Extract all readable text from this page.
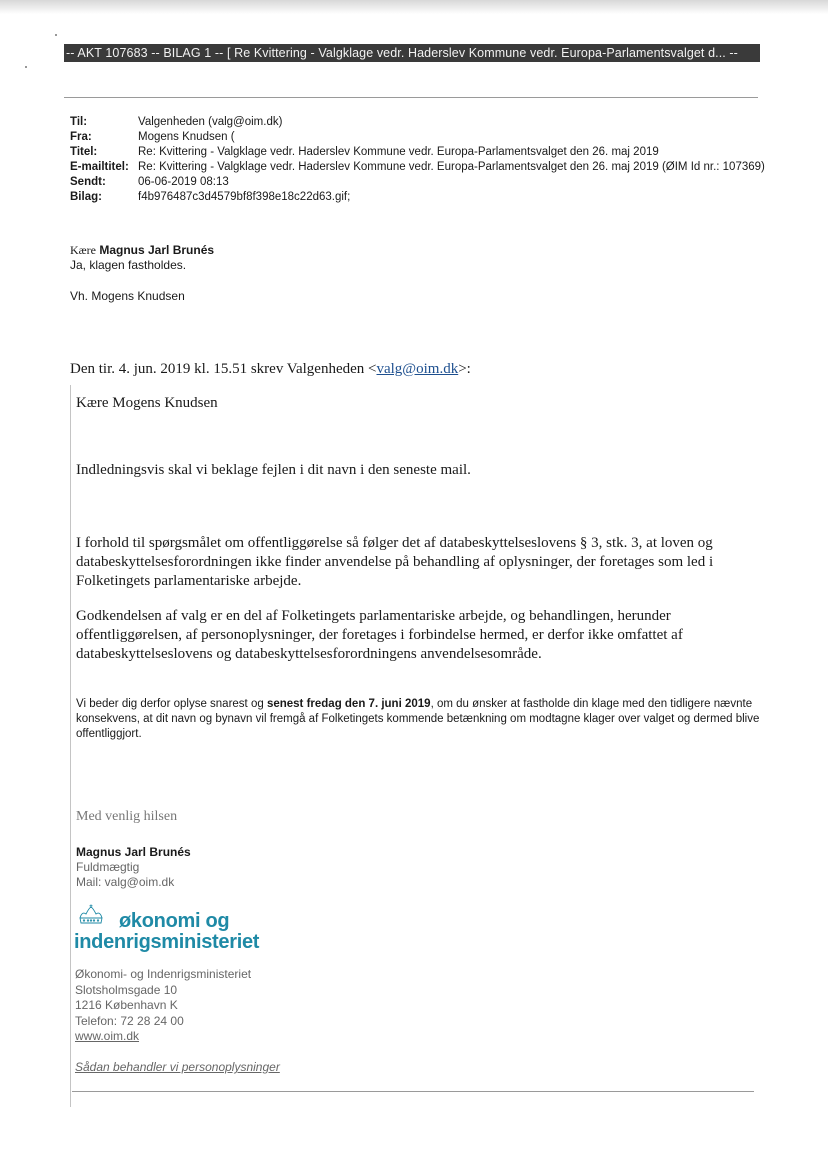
-- AKT 107683 -- BILAG 1 -- [ Re Kvittering - Valgklage vedr. Haderslev Kommune vedr. Europa-Parlamentsvalget d... --
Til:	Valgenheden (valg@oim.dk)
Fra:	Mogens Knudsen (
Titel:	Re: Kvittering - Valgklage vedr. Haderslev Kommune vedr. Europa-Parlamentsvalget den 26. maj 2019
E-mailtitel: Re: Kvittering - Valgklage vedr. Haderslev Kommune vedr. Europa-Parlamentsvalget den 26. maj 2019 (ØIM Id nr.: 107369)
Sendt:	06-06-2019 08:13
Bilag:	f4b976487c3d4579bf8f398e18c22d63.gif;

Kære Magnus Jarl Brunés

Ja, klagen fastholdes.

Vh. Mogens Knudsen

Den tir. 4. jun. 2019 kl. 15.51 skrev Valgenheden <valg@oim.dk>:
Kære Mogens Knudsen
Indledningsvis skal vi beklage fejlen i dit navn i den seneste mail.
I forhold til spørgsmålet om offentliggørelse så følger det af databeskyttelseslovens § 3, stk. 3, at loven og databeskyttelsesforordningen ikke finder anvendelse på behandling af oplysninger, der foretages som led i Folketingets parlamentariske arbejde.
Godkendelsen af valg er en del af Folketingets parlamentariske arbejde, og behandlingen, herunder offentliggørelsen, af personoplysninger, der foretages i forbindelse hermed, er derfor ikke omfattet af databeskyttelseslovens og databeskyttelsesforordningens anvendelsesområde.
Vi beder dig derfor oplyse snarest og senest fredag den 7. juni 2019, om du ønsker at fastholde din klage med den tidligere nævnte konsekvens, at dit navn og bynavn vil fremgå af Folketingets kommende betænkning om modtagne klager over valget og dermed blive offentliggjort.
Med venlig hilsen
Magnus Jarl Brunés
Fuldmægtig
Mail: valg@oim.dk
økonomi og
indenrigsministeriet
Økonomi- og Indenrigsministeriet
Slotsholmsgade 10
1216 København K
Telefon: 72 28 24 00
www.oim.dk
Sådan behandler vi personoplysninger
